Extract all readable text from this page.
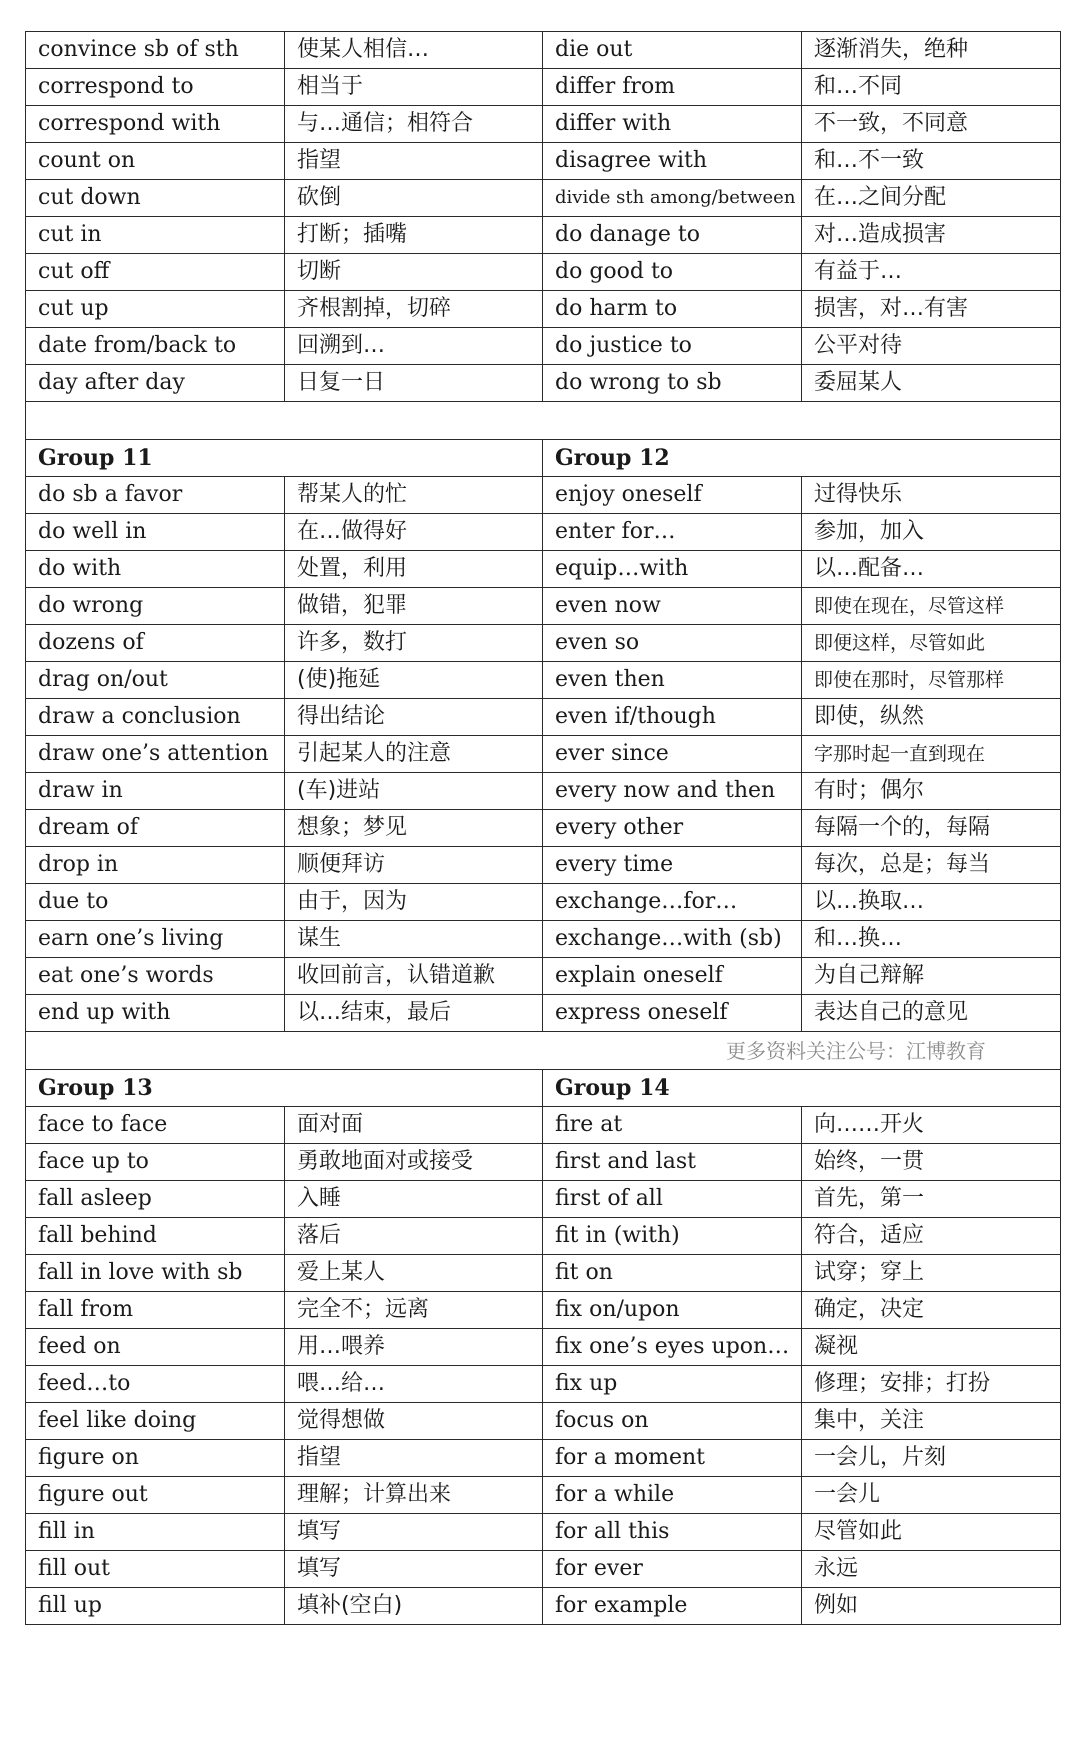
convince sb of sth	使某人相信…	die out	逐渐消失，绝种
correspond to	相当于	differ from	和…不同
correspond with	与…通信；相符合	differ with	不一致，不同意
count on	指望	disagree with	和…不一致
cut down	砍倒	divide sth among/between	在…之间分配
cut in	打断；插嘴	do danage to	对…造成损害
cut off	切断	do good to	有益于…
cut up	齐根割掉，切碎	do harm to	损害，对…有害
date from/back to	回溯到…	do justice to	公平对待
day after day	日复一日	do wrong to sb	委屈某人

Group 11		Group 12	
do sb a favor	帮某人的忙	enjoy oneself	过得快乐
do well in	在…做得好	enter for…	参加，加入
do with	处置，利用	equip…with	以…配备…
do wrong	做错，犯罪	even now	即使在现在，尽管这样
dozens of	许多，数打	even so	即便这样，尽管如此
drag on/out	(使)拖延	even then	即使在那时，尽管那样
draw a conclusion	得出结论	even if/though	即使，纵然
draw one’s attention	引起某人的注意	ever since	字那时起一直到现在
draw in	(车)进站	every now and then	有时；偶尔
dream of	想象；梦见	every other	每隔一个的，每隔
drop in	顺便拜访	every time	每次，总是；每当
due to	由于，因为	exchange…for…	以…换取…
earn one’s living	谋生	exchange…with (sb)	和…换…
eat one’s words	收回前言，认错道歉	explain oneself	为自己辩解
end up with	以…结束，最后	express oneself	表达自己的意见
更多资料关注公号：江博教育			
Group 13		Group 14	
face to face	面对面	fire at	向……开火
face up to	勇敢地面对或接受	first and last	始终，一贯
fall asleep	入睡	first of all	首先，第一
fall behind	落后	fit in (with)	符合，适应
fall in love with sb	爱上某人	fit on	试穿；穿上
fall from	完全不；远离	fix on/upon	确定，决定
feed on	用…喂养	fix one’s eyes upon…	凝视
feed…to	喂…给…	fix up	修理；安排；打扮
feel like doing	觉得想做	focus on	集中，关注
figure on	指望	for a moment	一会儿，片刻
figure out	理解；计算出来	for a while	一会儿
fill in	填写	for all this	尽管如此
fill out	填写	for ever	永远
fill up	填补(空白)	for example	例如
